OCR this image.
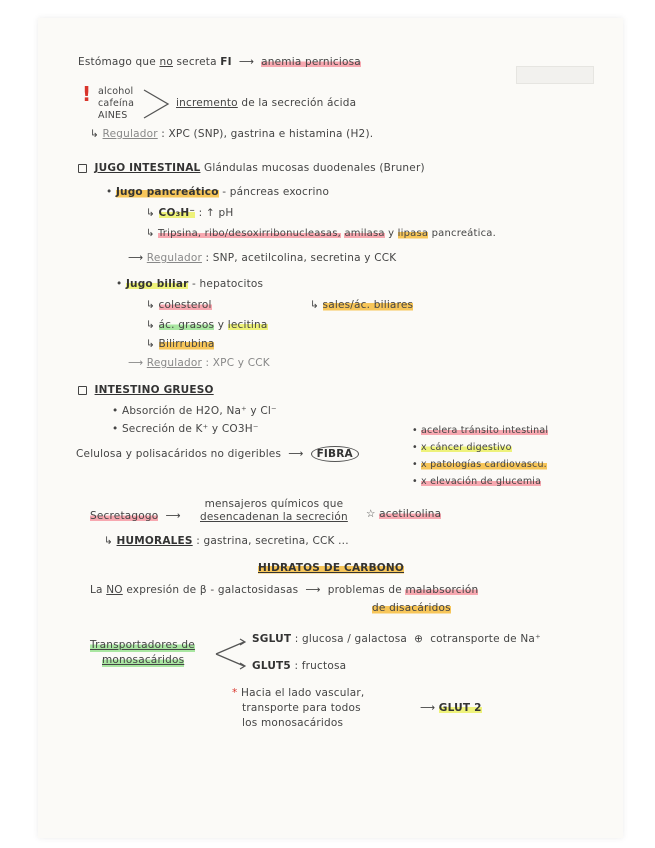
Estómago que no secreta FI  ⟶  anemia perniciosa
! alcohol
cafeína
AINES
incremento de la secreción ácida
↳ Regulador : XPC (SNP), gastrina e histamina (H2).
JUGO INTESTINAL Glándulas mucosas duodenales (Bruner)
• Jugo pancreático - páncreas exocrino
↳ CO₃H⁻ : ↑ pH
↳ Tripsina, ribo/desoxirribonucleasas, amilasa y lipasa pancreática.
⟶ Regulador : SNP, acetilcolina, secretina y CCK
• Jugo biliar - hepatocitos
↳ colesterol	↳ sales/ác. biliares
↳ ác. grasos y lecitina
↳ Bilirrubina
⟶ Regulador : XPC y CCK
INTESTINO GRUESO
• Absorción de H2O, Na⁺ y Cl⁻
• Secreción de K⁺ y CO3H⁻
Celulosa y polisacáridos no digeribles  ⟶  FIBRA
• acelera tránsito intestinal
• x cáncer digestivo
• x patologías cardiovascu.
• x elevación de glucemia
Secretagogo  ⟶
mensajeros químicos que
desencadenan la secreción ☆ acetilcolina
↳ HUMORALES : gastrina, secretina, CCK ...
HIDRATOS DE CARBONO
La NO expresión de β - galactosidasas  ⟶  problemas de malabsorción
de disacáridos
Transportadores de
monosacáridos
SGLUT : glucosa / galactosa  ⊕  cotransporte de Na⁺
GLUT5 : fructosa
* Hacia el lado vascular,
transporte para todos
los monosacáridos
⟶ GLUT 2
